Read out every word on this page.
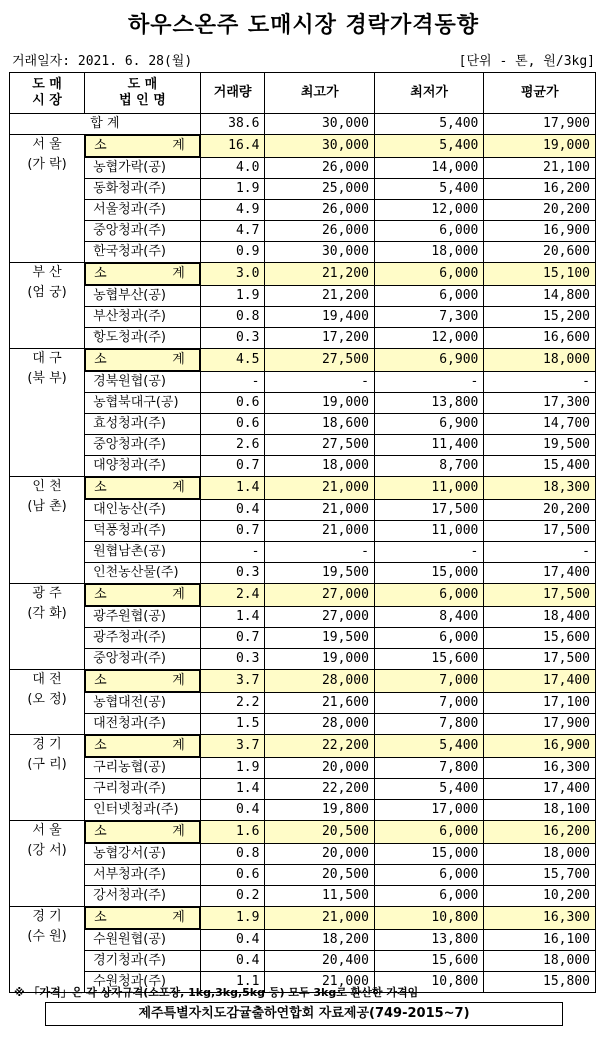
하우스온주 도매시장 경락가격동향
거래일자: 2021. 6. 28(월)	[단위 - 톤, 원/3kg]
도 매
시 장	도 매
법 인 명	거래량	최고가	최저가	평균가
합 계		38.6	30,000	5,400	17,900

서 울
(가 락)

소	계	16.4	30,000	5,400	19,000
	농협가락(공)	4.0	26,000	14,000	21,100
	동화청과(주)	1.9	25,000	5,400	16,200
	서울청과(주)	4.9	26,000	12,000	20,200
	중앙청과(주)	4.7	26,000	6,000	16,900
	한국청과(주)	0.9	30,000	18,000	20,600

부 산
(엄 궁)

소	계	3.0	21,200	6,000	15,100
	농협부산(공)	1.9	21,200	6,000	14,800
	부산청과(주)	0.8	19,400	7,300	15,200
	항도청과(주)	0.3	17,200	12,000	16,600

대 구
(북 부)

소	계	4.5	27,500	6,900	18,000
	경북원협(공)	-	-	-	-
	농협북대구(공)	0.6	19,000	13,800	17,300
	효성청과(주)	0.6	18,600	6,900	14,700
	중앙청과(주)	2.6	27,500	11,400	19,500
	대양청과(주)	0.7	18,000	8,700	15,400

인 천
(남 촌)

소	계	1.4	21,000	11,000	18,300
	대인농산(주)	0.4	21,000	17,500	20,200
	덕풍청과(주)	0.7	21,000	11,000	17,500
	원협남촌(공)	-	-	-	-
	인천농산물(주)	0.3	19,500	15,000	17,400

광 주
(각 화)

소	계	2.4	27,000	6,000	17,500
	광주원협(공)	1.4	27,000	8,400	18,400
	광주청과(주)	0.7	19,500	6,000	15,600
	중앙청과(주)	0.3	19,000	15,600	17,500

대 전
(오 정)

소	계	3.7	28,000	7,000	17,400
	농협대전(공)	2.2	21,600	7,000	17,100
	대전청과(주)	1.5	28,000	7,800	17,900

경 기
(구 리)

소	계	3.7	22,200	5,400	16,900
	구리농협(공)	1.9	20,000	7,800	16,300
	구리청과(주)	1.4	22,200	5,400	17,400
	인터넷청과(주)	0.4	19,800	17,000	18,100

서 울
(강 서)

소	계	1.6	20,500	6,000	16,200
	농협강서(공)	0.8	20,000	15,000	18,000
	서부청과(주)	0.6	20,500	6,000	15,700
	강서청과(주)	0.2	11,500	6,000	10,200

경 기
(수 원)

소	계	1.9	21,000	10,800	16,300
	수원원협(공)	0.4	18,200	13,800	16,100
	경기청과(주)	0.4	20,400	15,600	18,000
	수원청과(주)	1.1	21,000	10,800	15,800
※ 「가격」은 각 상자규격(소포장, 1kg,3kg,5kg 등) 모두 3kg로 환산한 가격임
제주특별자치도감귤출하연합회 자료제공(749-2015~7)
